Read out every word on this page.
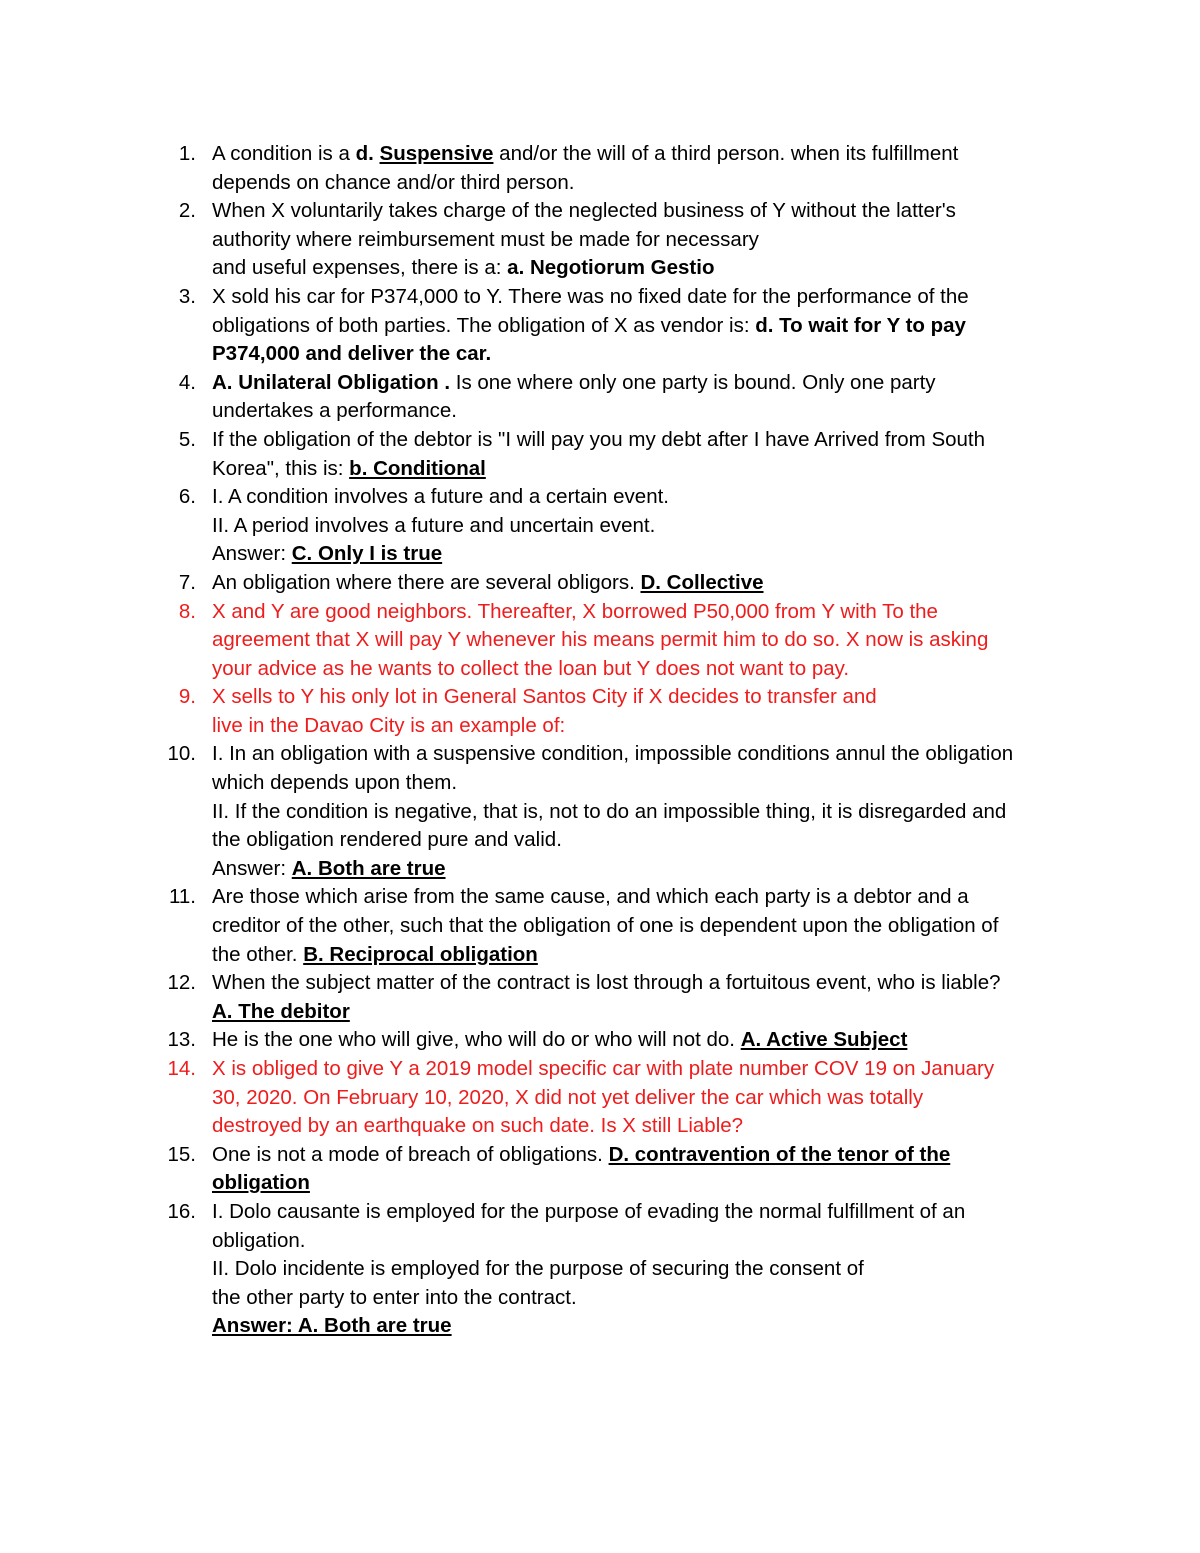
1. A condition is a d. Suspensive and/or the will of a third person. when its fulfillment
depends on chance and/or third person.
2. When X voluntarily takes charge of the neglected business of Y without the latter's
authority where reimbursement must be made for necessary
and useful expenses, there is a: a. Negotiorum Gestio
3. X sold his car for P374,000 to Y. There was no fixed date for the performance of the
obligations of both parties. The obligation of X as vendor is: d. To wait for Y to pay
P374,000 and deliver the car.
4. A. Unilateral Obligation . Is one where only one party is bound. Only one party
undertakes a performance.
5. If the obligation of the debtor is "I will pay you my debt after I have Arrived from South
Korea", this is: b. Conditional
6. I. A condition involves a future and a certain event.
II. A period involves a future and uncertain event.
Answer: C. Only I is true
7. An obligation where there are several obligors. D. Collective
8. X and Y are good neighbors. Thereafter, X borrowed P50,000 from Y with To the
agreement that X will pay Y whenever his means permit him to do so. X now is asking
your advice as he wants to collect the loan but Y does not want to pay.
9. X sells to Y his only lot in General Santos City if X decides to transfer and
live in the Davao City is an example of:
10. I. In an obligation with a suspensive condition, impossible conditions annul the obligation
which depends upon them.
II. If the condition is negative, that is, not to do an impossible thing, it is disregarded and
the obligation rendered pure and valid.
Answer: A. Both are true
11. Are those which arise from the same cause, and which each party is a debtor and a
creditor of the other, such that the obligation of one is dependent upon the obligation of
the other. B. Reciprocal obligation
12. When the subject matter of the contract is lost through a fortuitous event, who is liable?
A. The debitor
13. He is the one who will give, who will do or who will not do. A. Active Subject
14. X is obliged to give Y a 2019 model specific car with plate number COV 19 on January
30, 2020. On February 10, 2020, X did not yet deliver the car which was totally
destroyed by an earthquake on such date. Is X still Liable?
15. One is not a mode of breach of obligations. D. contravention of the tenor of the
obligation
16. I. Dolo causante is employed for the purpose of evading the normal fulfillment of an
obligation.
II. Dolo incidente is employed for the purpose of securing the consent of
the other party to enter into the contract.
Answer: A. Both are true
